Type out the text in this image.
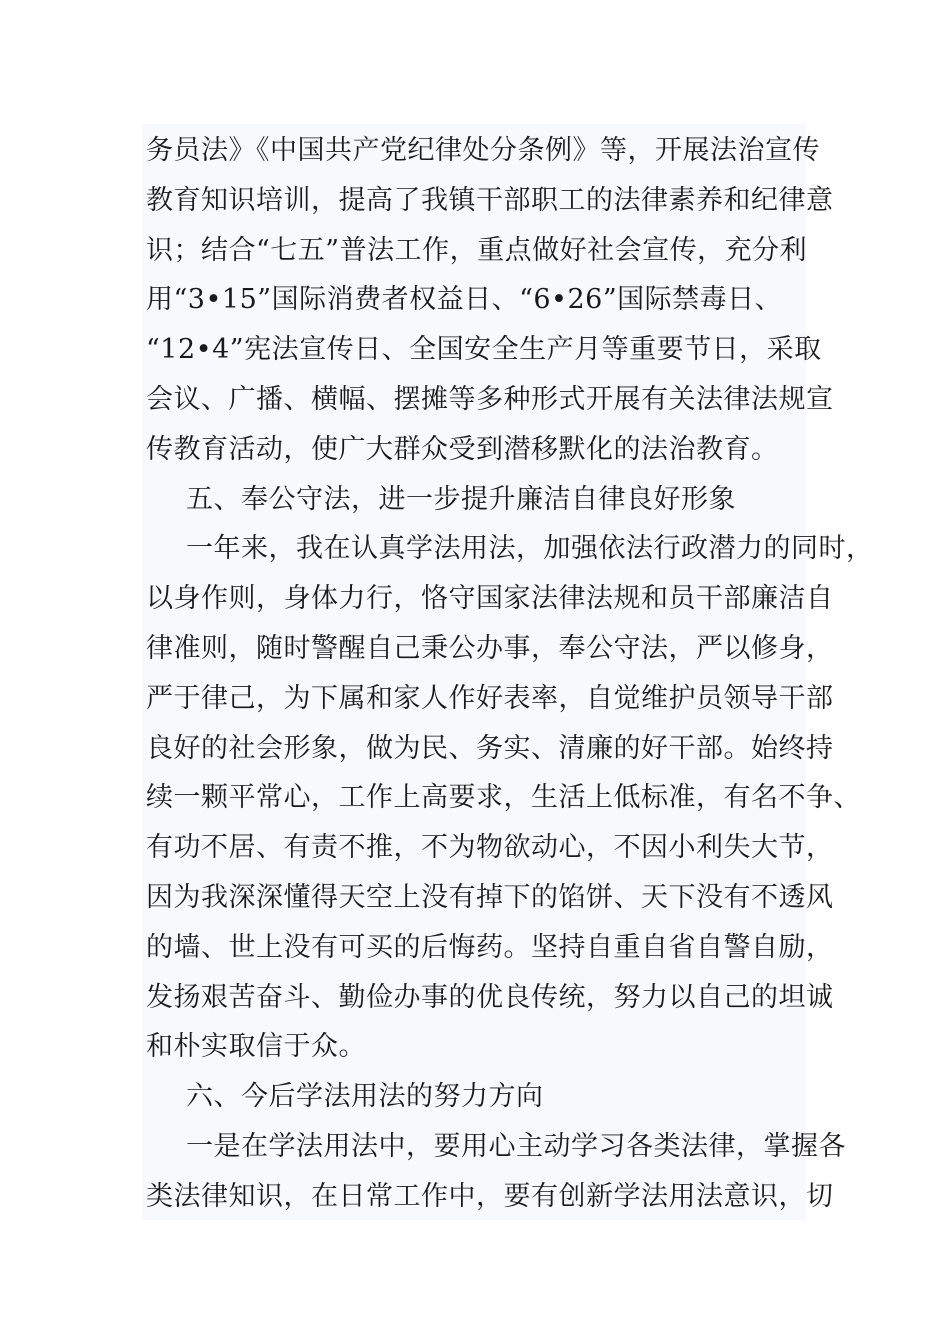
务员法》《中国共产党纪律处分条例》等，开展法治宣传
教育知识培训，提高了我镇干部职工的法律素养和纪律意
识；结合“七五”普法工作，重点做好社会宣传，充分利
用“3•15”国际消费者权益日、“6•26”国际禁毒日、
“12•4”宪法宣传日、全国安全生产月等重要节日，采取
会议、广播、横幅、摆摊等多种形式开展有关法律法规宣
传教育活动，使广大群众受到潜移默化的法治教育。
五、奉公守法，进一步提升廉洁自律良好形象
一年来，我在认真学法用法，加强依法行政潜力的同时，
以身作则，身体力行，恪守国家法律法规和员干部廉洁自
律准则，随时警醒自己秉公办事，奉公守法，严以修身，
严于律己，为下属和家人作好表率，自觉维护员领导干部
良好的社会形象，做为民、务实、清廉的好干部。始终持
续一颗平常心，工作上高要求，生活上低标准，有名不争、
有功不居、有责不推，不为物欲动心，不因小利失大节，
因为我深深懂得天空上没有掉下的馅饼、天下没有不透风
的墙、世上没有可买的后悔药。坚持自重自省自警自励，
发扬艰苦奋斗、勤俭办事的优良传统，努力以自己的坦诚
和朴实取信于众。
六、今后学法用法的努力方向
一是在学法用法中，要用心主动学习各类法律，掌握各
类法律知识，在日常工作中，要有创新学法用法意识，切
